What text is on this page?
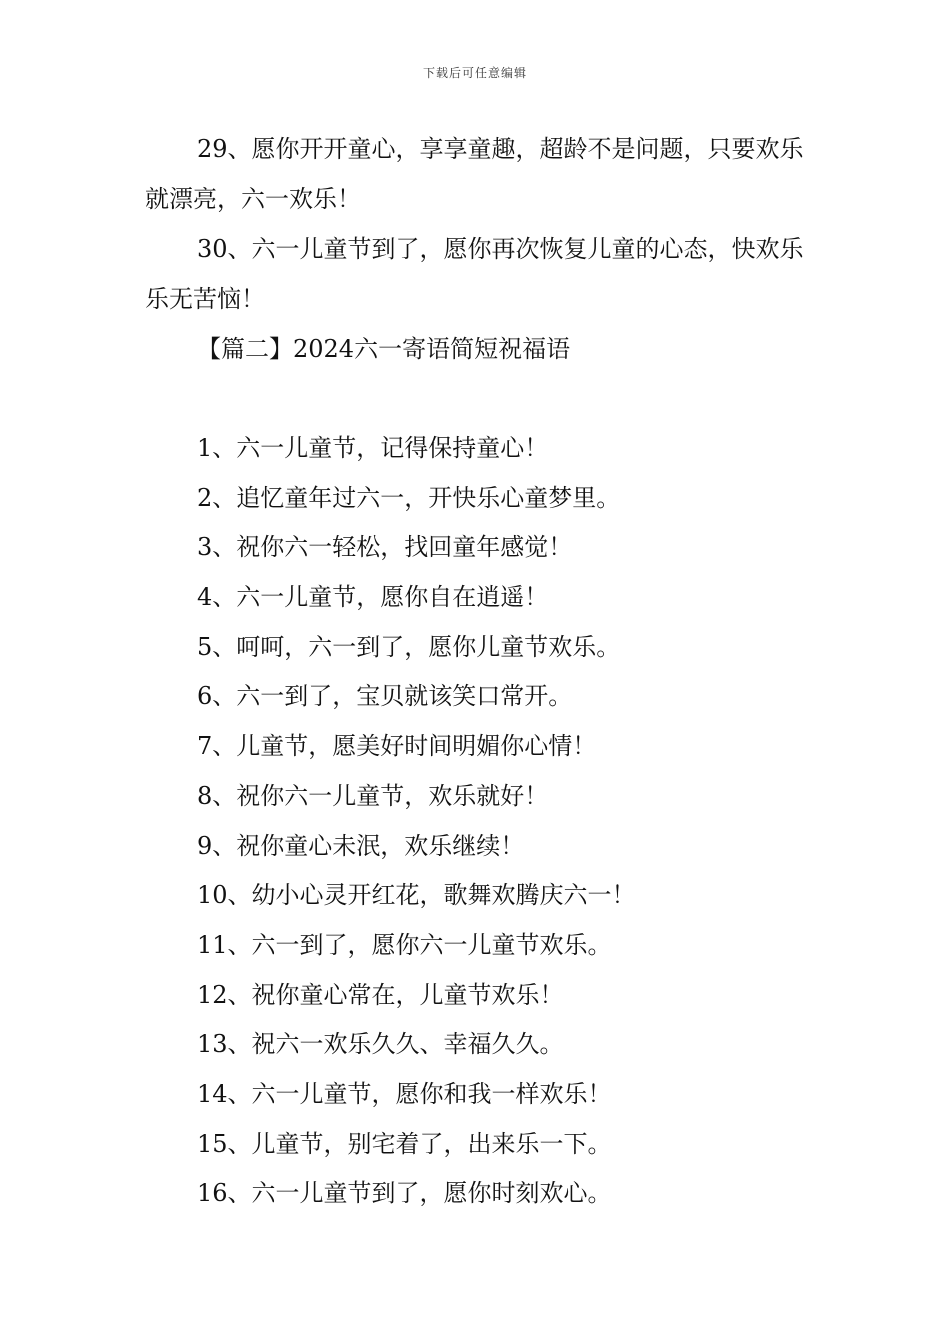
下载后可任意编辑

29、愿你开开童心，享享童趣，超龄不是问题，只要欢乐就漂亮，六一欢乐！

30、六一儿童节到了，愿你再次恢复儿童的心态，快欢乐乐无苦恼！

【篇二】2024六一寄语简短祝福语

1、六一儿童节，记得保持童心！
2、追忆童年过六一，开快乐心童梦里。
3、祝你六一轻松，找回童年感觉！
4、六一儿童节，愿你自在逍遥！
5、呵呵，六一到了，愿你儿童节欢乐。
6、六一到了，宝贝就该笑口常开。
7、儿童节，愿美好时间明媚你心情！
8、祝你六一儿童节，欢乐就好！
9、祝你童心未泯，欢乐继续！
10、幼小心灵开红花，歌舞欢腾庆六一！
11、六一到了，愿你六一儿童节欢乐。
12、祝你童心常在，儿童节欢乐！
13、祝六一欢乐久久、幸福久久。
14、六一儿童节，愿你和我一样欢乐！
15、儿童节，别宅着了，出来乐一下。
16、六一儿童节到了，愿你时刻欢心。
